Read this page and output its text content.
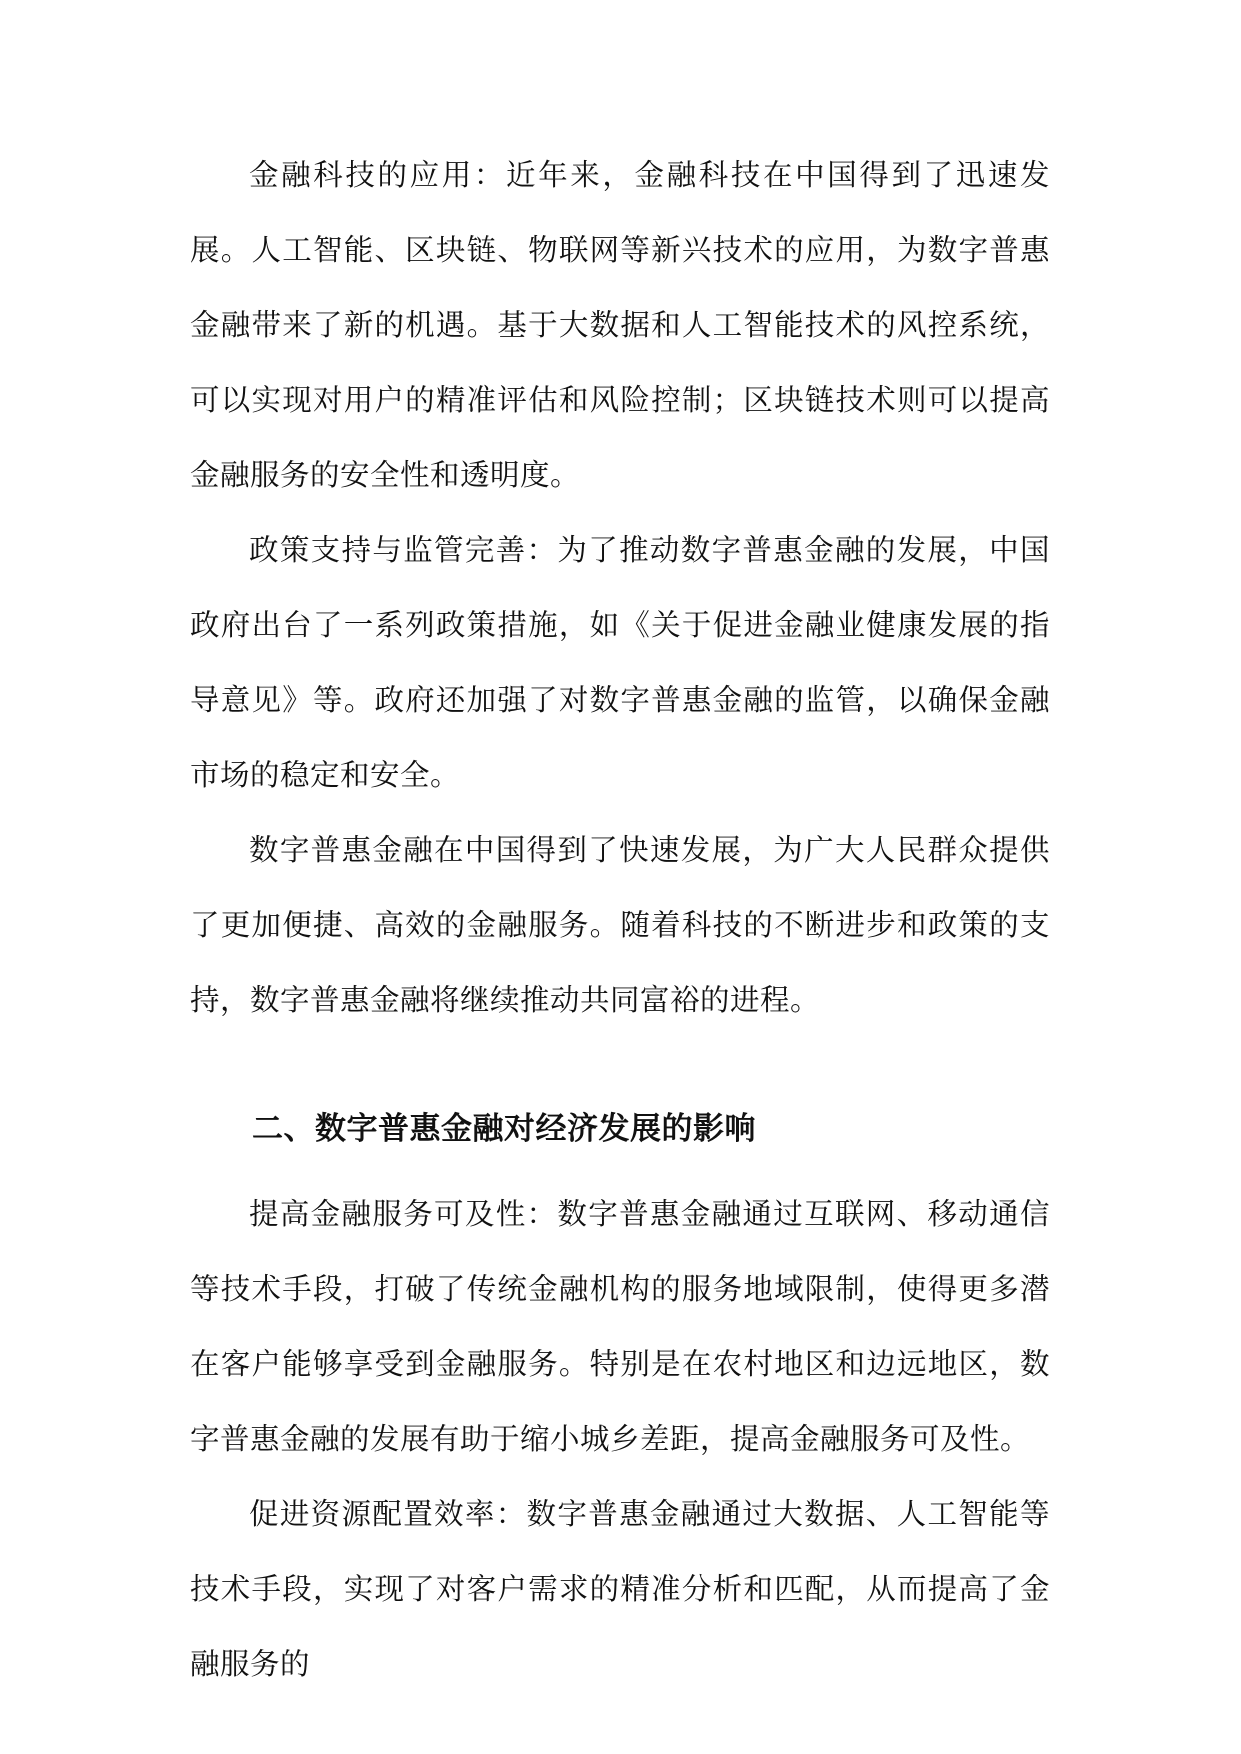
金融科技的应用：近年来，金融科技在中国得到了迅速发展。人工智能、区块链、物联网等新兴技术的应用，为数字普惠金融带来了新的机遇。基于大数据和人工智能技术的风控系统，可以实现对用户的精准评估和风险控制；区块链技术则可以提高金融服务的安全性和透明度。

政策支持与监管完善：为了推动数字普惠金融的发展，中国政府出台了一系列政策措施，如《关于促进金融业健康发展的指导意见》等。政府还加强了对数字普惠金融的监管，以确保金融市场的稳定和安全。

数字普惠金融在中国得到了快速发展，为广大人民群众提供了更加便捷、高效的金融服务。随着科技的不断进步和政策的支持，数字普惠金融将继续推动共同富裕的进程。

二、数字普惠金融对经济发展的影响

提高金融服务可及性：数字普惠金融通过互联网、移动通信等技术手段，打破了传统金融机构的服务地域限制，使得更多潜在客户能够享受到金融服务。特别是在农村地区和边远地区，数字普惠金融的发展有助于缩小城乡差距，提高金融服务可及性。

促进资源配置效率：数字普惠金融通过大数据、人工智能等技术手段，实现了对客户需求的精准分析和匹配，从而提高了金融服务的
